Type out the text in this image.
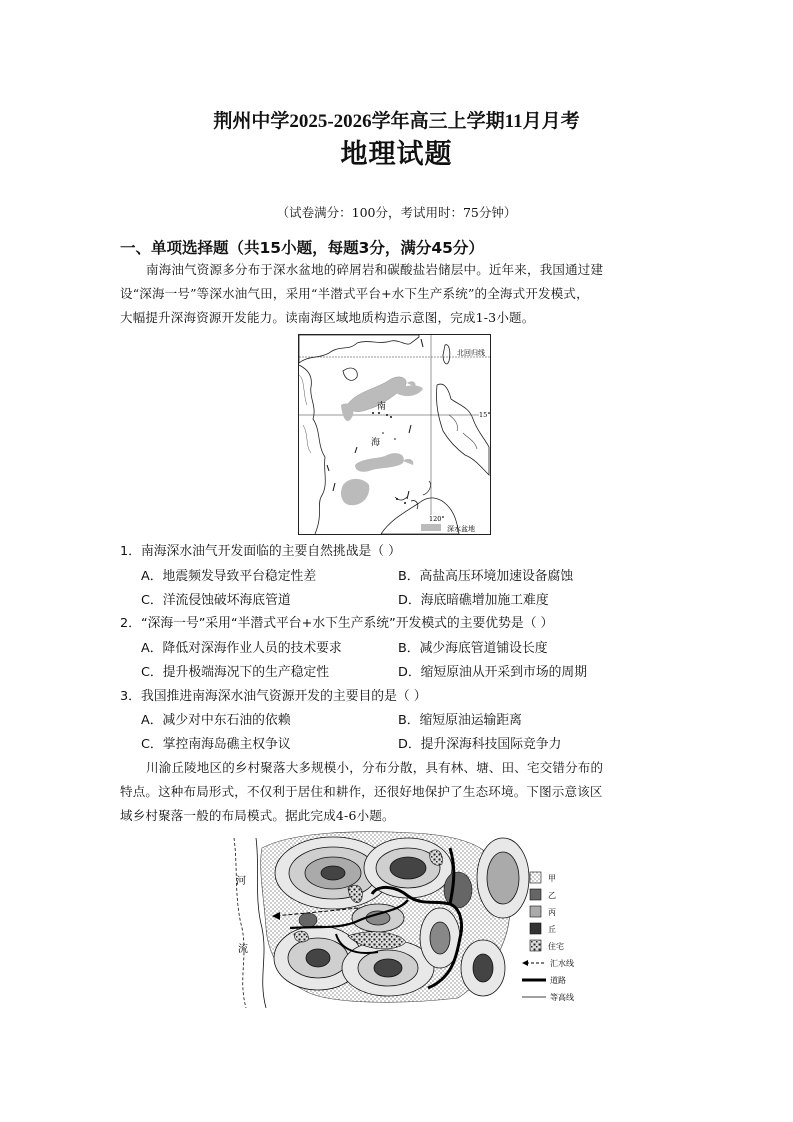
荆州中学2025-2026学年高三上学期11月月考
地理试题
（试卷满分：100分，考试用时：75分钟）
一、单项选择题（共15小题，每题3分，满分45分）
南海油气资源多分布于深水盆地的碎屑岩和碳酸盐岩储层中。近年来，我国通过建
设“深海一号”等深水油气田，采用“半潜式平台+水下生产系统”的全海式开发模式，
大幅提升深海资源开发能力。读南海区域地质构造示意图，完成1-3小题。
北回归线
南
海
15°
120°
深水盆地
1．南海深水油气开发面临的主要自然挑战是（ ）
A．地震频发导致平台稳定性差	B．高盐高压环境加速设备腐蚀
C．洋流侵蚀破坏海底管道	D．海底暗礁增加施工难度
2．“深海一号”采用“半潜式平台+水下生产系统”开发模式的主要优势是（ ）
A．降低对深海作业人员的技术要求	B．减少海底管道铺设长度
C．提升极端海况下的生产稳定性	D．缩短原油从开采到市场的周期
3．我国推进南海深水油气资源开发的主要目的是（ ）
A．减少对中东石油的依赖	B．缩短原油运输距离
C．掌控南海岛礁主权争议	D．提升深海科技国际竞争力
川渝丘陵地区的乡村聚落大多规模小，分布分散，具有林、塘、田、宅交错分布的
特点。这种布局形式，不仅利于居住和耕作，还很好地保护了生态环境。下图示意该区
域乡村聚落一般的布局模式。据此完成4-6小题。
河
流
甲
乙
丙
丘
住宅
汇水线
道路
等高线
